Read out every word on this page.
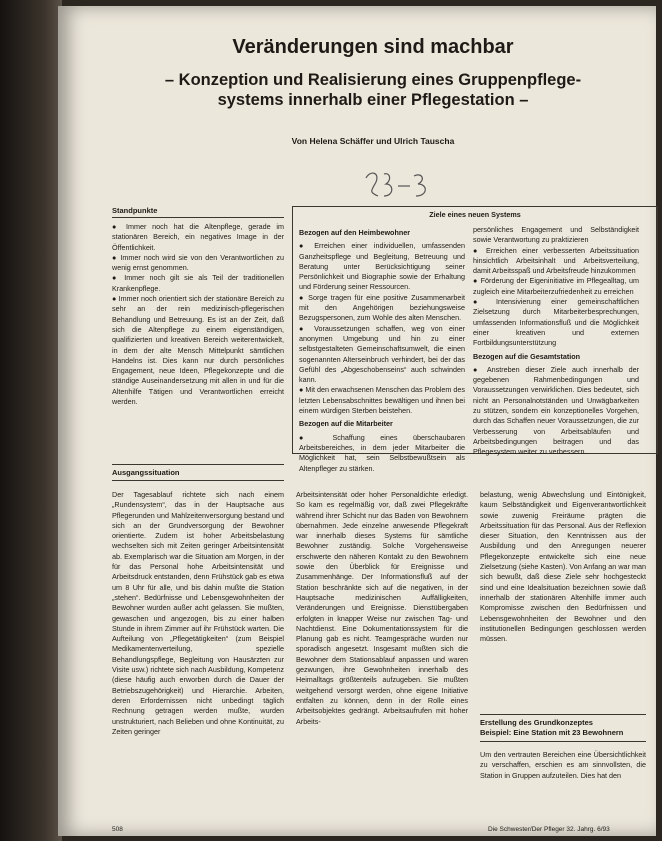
Veränderungen sind machbar
– Konzeption und Realisierung eines Gruppenpflege-
systems innerhalb einer Pflegestation –
Von Helena Schäffer und Ulrich Tauscha
Standpunkte

● Immer noch hat die Altenpflege, gerade im stationären Bereich, ein negatives Image in der Öffentlichkeit.

● Immer noch wird sie von den Verantwortlichen zu wenig ernst genommen.

● Immer noch gilt sie als Teil der traditionellen Krankenpflege.

● Immer noch orientiert sich der stationäre Bereich zu sehr an der rein medizinisch-pflegerischen Behandlung und Betreuung. Es ist an der Zeit, daß sich die Altenpflege zu einem eigenständigen, qualifizierten und kreativen Bereich weiterentwickelt, in dem der alte Mensch Mittelpunkt sämtlichen Handelns ist. Dies kann nur durch persönliches Engagement, neue Ideen, Pflegekonzepte und die ständige Auseinandersetzung mit allen in und für die Altenhilfe Tätigen und Verantwortlichen erreicht werden.

Ziele eines neuen Systems
Bezogen auf den Heimbewohner

● Erreichen einer individuellen, umfassenden Ganzheitspflege und Begleitung, Betreuung und Beratung unter Berücksichtigung seiner Persönlichkeit und Biographie sowie der Erhaltung und Förderung seiner Ressourcen.

● Sorge tragen für eine positive Zusammenarbeit mit den Angehörigen beziehungsweise Bezugspersonen, zum Wohle des alten Menschen.

● Voraussetzungen schaffen, weg von einer anonymen Umgebung und hin zu einer selbstgestalteten Gemeinschaftsumwelt, die einen sogenannten Alterseinbruch verhindert, bei der das Gefühl des „Abgeschobenseins“ auch schwinden kann.

● Mit den erwachsenen Menschen das Problem des letzten Lebensabschnittes bewältigen und ihnen bei einem würdigen Sterben beistehen.

Bezogen auf die Mitarbeiter

● Schaffung eines überschaubaren Arbeitsbereiches, in dem jeder Mitarbeiter die Möglichkeit hat, sein Selbstbewußtsein als Altenpfleger zu stärken.

persönliches Engagement und Selbständigkeit sowie Verantwortung zu praktizieren

● Erreichen einer verbesserten Arbeitssituation hinsichtlich Arbeitsinhalt und Arbeitsverteilung, damit Arbeitsspaß und Arbeitsfreude hinzukommen

● Förderung der Eigeninitiative im Pflegealltag, um zugleich eine Mitarbeiterzufriedenheit zu erreichen

● Intensivierung einer gemeinschaftlichen Zielsetzung durch Mitarbeiterbesprechungen, umfassenden Informationsfluß und die Möglichkeit einer kreativen und externen Fortbildungsunterstützung

Bezogen auf die Gesamtstation

● Anstreben dieser Ziele auch innerhalb der gegebenen Rahmenbedingungen und Voraussetzungen verwirklichen. Dies bedeutet, sich nicht an Personalnotständen und Unwägbarkeiten zu stützen, sondern ein konzeptionelles Vorgehen, durch das Schaffen neuer Voraussetzungen, die zur Verbesserung von Arbeitsabläufen und Arbeitsbedingungen beitragen und das Pflegesystem weiter zu verbessern.

Ausgangssituation

Der Tagesablauf richtete sich nach einem „Rundensystem“, das in der Hauptsache aus Pflegerunden und Mahlzeitenversorgung bestand und sich an der Grundversorgung der Bewohner orientierte. Zudem ist hoher Arbeitsbelastung wechselten sich mit Zeiten geringer Arbeitsintensität ab. Exemplarisch war die Situation am Morgen, in der für das Personal hohe Arbeitsintensität und Arbeitsdruck entstanden, denn Frühstück gab es etwa um 8 Uhr für alle, und bis dahin mußte die Station „stehen“. Bedürfnisse und Lebensgewohnheiten der Bewohner wurden außer acht gelassen. Sie mußten, gewaschen und angezogen, bis zu einer halben Stunde in ihrem Zimmer auf ihr Frühstück warten. Die Aufteilung von „Pflegetätigkeiten“ (zum Beispiel Medikamentenverteilung, spezielle Behandlungspflege, Begleitung von Hausärzten zur Visite usw.) richtete sich nach Ausbildung, Kompetenz (diese häufig auch erworben durch die Dauer der Betriebszugehörigkeit) und Hierarchie. Arbeiten, deren Erfordernissen nicht unbedingt täglich Rechnung getragen werden mußte, wurden unstrukturiert, nach Belieben und ohne Kontinuität, zu Zeiten geringer

Arbeitsintensität oder hoher Personaldichte erledigt. So kam es regelmäßig vor, daß zwei Pflegekräfte während ihrer Schicht nur das Baden von Bewohnern übernahmen. Jede einzelne anwesende Pflegekraft war innerhalb dieses Systems für sämtliche Bewohner zuständig. Solche Vorgehensweise erschwerte den näheren Kontakt zu den Bewohnern sowie den Überblick für Ereignisse und Zusammenhänge. Der Informationsfluß auf der Station beschränkte sich auf die negativen, in der Hauptsache medizinischen Auffälligkeiten, Veränderungen und Ereignisse. Dienstübergaben erfolgten in knapper Weise nur zwischen Tag- und Nachtdienst. Eine Dokumentationssystem für die Planung gab es nicht. Teamgespräche wurden nur sporadisch angesetzt. Insgesamt mußten sich die Bewohner dem Stationsablauf anpassen und waren gezwungen, ihre Gewohnheiten innerhalb des Heimalltags größtenteils aufzugeben. Sie mußten weitgehend versorgt werden, ohne eigene Initiative entfalten zu können, denn in der Rolle eines Arbeitsobjektes gedrängt. Arbeitsaufrufen mit hoher Arbeits-

belastung, wenig Abwechslung und Eintönigkeit, kaum Selbständigkeit und Eigenverantwortlichkeit sowie zuwenig Freiräume prägten die Arbeitssituation für das Personal. Aus der Reflexion dieser Situation, den Kenntnissen aus der Ausbildung und den Anregungen neuerer Pflegekonzepte entwickelte sich eine neue Zielsetzung (siehe Kasten). Von Anfang an war man sich bewußt, daß diese Ziele sehr hochgesteckt sind und eine Idealsituation bezeichnen sowie daß innerhalb der stationären Altenhilfe immer auch Kompromisse zwischen den Bedürfnissen und Lebensgewohnheiten der Bewohner und den institutionellen Bedingungen geschlossen werden müssen.

Erstellung des Grundkonzeptes
Beispiel: Eine Station mit 23 Bewohnern

Um den vertrauten Bereichen eine Übersichtlichkeit zu verschaffen, erschien es am sinnvollsten, die Station in Gruppen aufzuteilen. Dies hat den

508	Die Schwester/Der Pfleger 32. Jahrg. 6/93
